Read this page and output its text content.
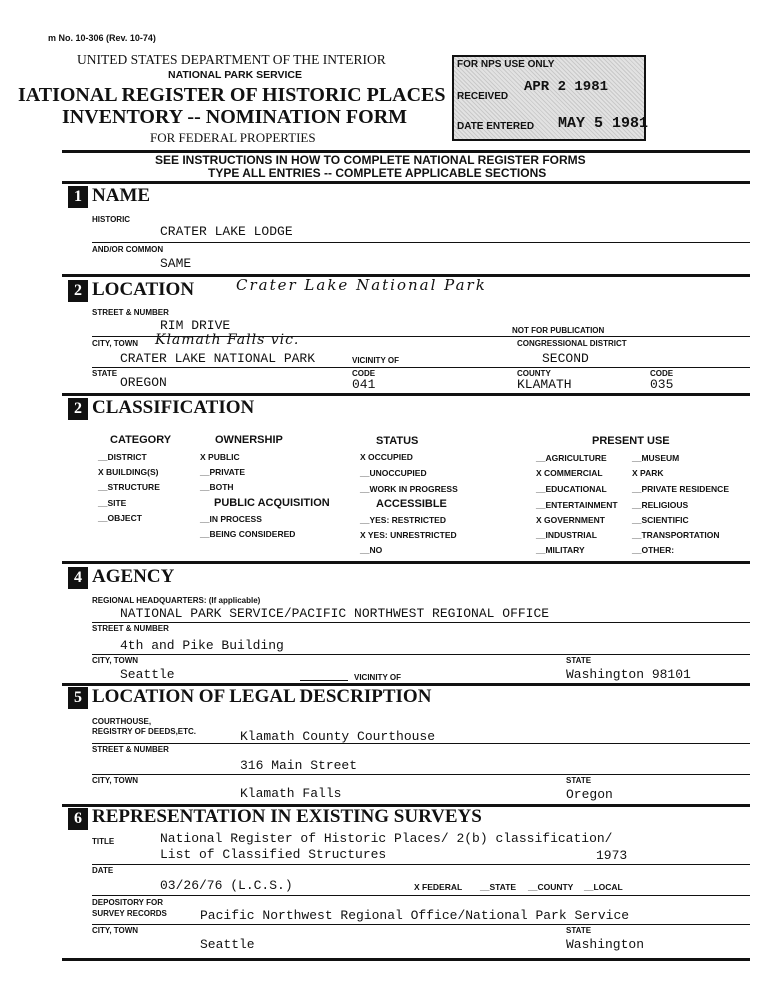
m No. 10-306 (Rev. 10-74)
UNITED STATES DEPARTMENT OF THE INTERIOR
NATIONAL PARK SERVICE
IATIONAL REGISTER OF HISTORIC PLACES
INVENTORY -- NOMINATION FORM
FOR FEDERAL PROPERTIES
FOR NPS USE ONLY
RECEIVED
APR 2 1981
DATE ENTERED MAY 5 1981
SEE INSTRUCTIONS IN HOW TO COMPLETE NATIONAL REGISTER FORMS
TYPE ALL ENTRIES -- COMPLETE APPLICABLE SECTIONS
1 NAME
HISTORIC
CRATER LAKE LODGE
AND/OR COMMON
SAME
2 LOCATION	Crater Lake National Park
STREET & NUMBER
RIM DRIVE	NOT FOR PUBLICATION
CITY, TOWN Klamath Falls vic.	CONGRESSIONAL DISTRICT
CRATER LAKE NATIONAL PARK	VICINITY OF	SECOND
STATE
OREGON
CODE
041
COUNTY
KLAMATH
CODE
035
2 CLASSIFICATION
CATEGORY	OWNERSHIP	STATUS	PRESENT USE
__DISTRICT
X BUILDING(S)
__STRUCTURE
__SITE
__OBJECT
X PUBLIC
__PRIVATE
__BOTH
PUBLIC ACQUISITION
__IN PROCESS
__BEING CONSIDERED
X OCCUPIED
__UNOCCUPIED
__WORK IN PROGRESS
ACCESSIBLE
__YES: RESTRICTED
X YES: UNRESTRICTED
__NO
__AGRICULTURE
X COMMERCIAL
__EDUCATIONAL
__ENTERTAINMENT
X GOVERNMENT
__INDUSTRIAL
__MILITARY
__MUSEUM
X PARK
__PRIVATE RESIDENCE
__RELIGIOUS
__SCIENTIFIC
__TRANSPORTATION
__OTHER:
4 AGENCY
REGIONAL HEADQUARTERS: (If applicable)
NATIONAL PARK SERVICE/PACIFIC NORTHWEST REGIONAL OFFICE
STREET & NUMBER
4th and Pike Building
CITY, TOWN	STATE
Seattle	VICINITY OF	Washington 98101
5 LOCATION OF LEGAL DESCRIPTION
COURTHOUSE,
REGISTRY OF DEEDS,ETC.	Klamath County Courthouse
STREET & NUMBER
316 Main Street
CITY, TOWN	STATE
Klamath Falls	Oregon
6 REPRESENTATION IN EXISTING SURVEYS
TITLE	National Register of Historic Places/ 2(b) classification/
List of Classified Structures	1973
DATE
03/26/76 (L.C.S.)	X FEDERAL __STATE __COUNTY __LOCAL
DEPOSITORY FOR
SURVEY RECORDS	Pacific Northwest Regional Office/National Park Service
CITY, TOWN	STATE
Seattle	Washington
